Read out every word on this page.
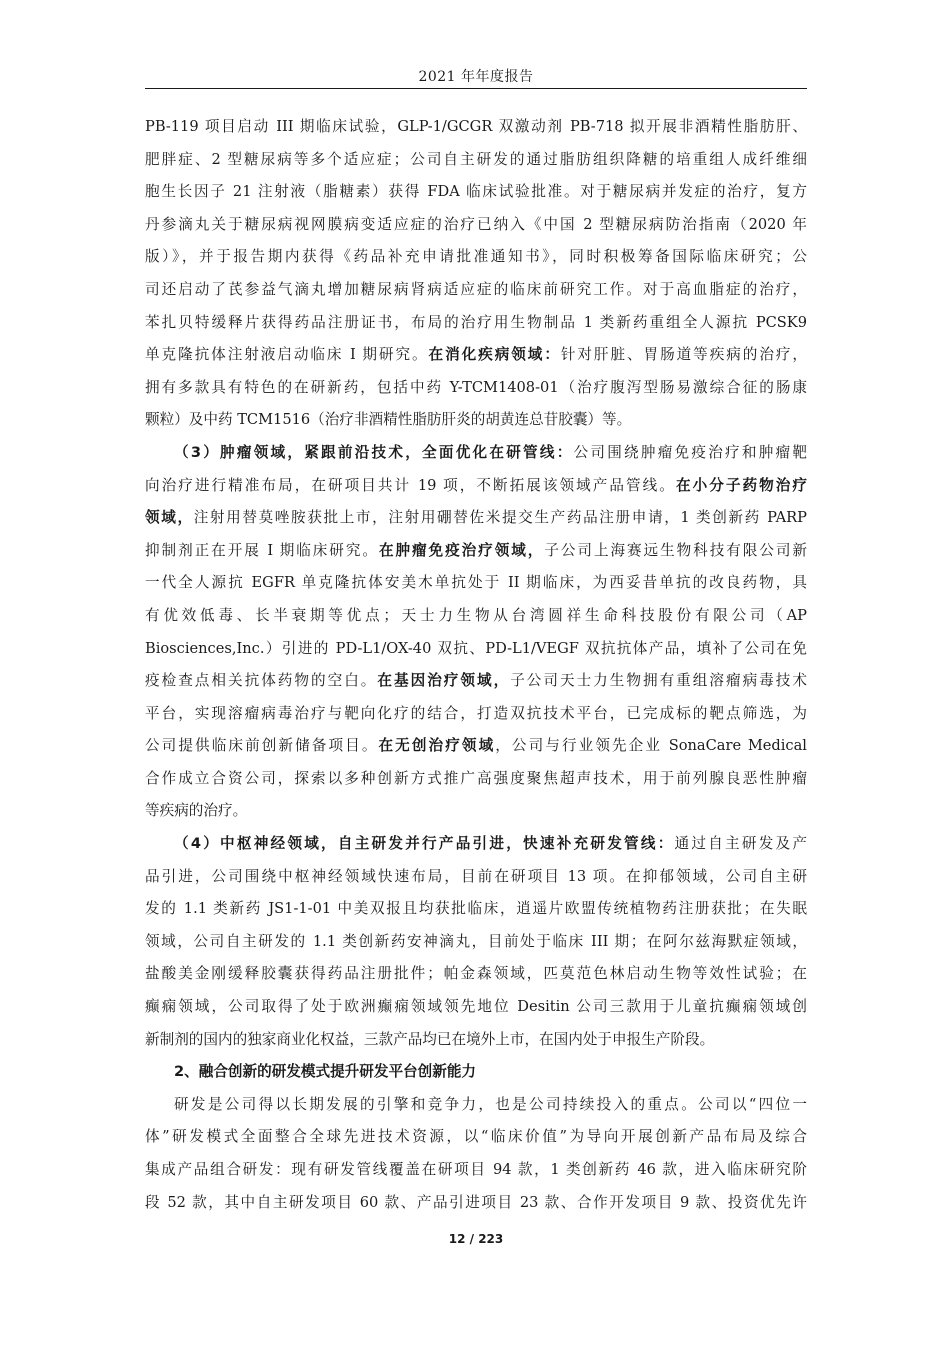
2021 年年度报告
PB-119 项目启动 III 期临床试验，GLP-1/GCGR 双激动剂 PB-718 拟开展非酒精性脂肪肝、
肥胖症、2 型糖尿病等多个适应症；公司自主研发的通过脂肪组织降糖的培重组人成纤维细
胞生长因子 21 注射液（脂糖素）获得 FDA 临床试验批准。对于糖尿病并发症的治疗，复方
丹参滴丸关于糖尿病视网膜病变适应症的治疗已纳入《中国 2 型糖尿病防治指南（2020 年
版）》，并于报告期内获得《药品补充申请批准通知书》，同时积极筹备国际临床研究；公
司还启动了芪参益气滴丸增加糖尿病肾病适应症的临床前研究工作。对于高血脂症的治疗，
苯扎贝特缓释片获得药品注册证书，布局的治疗用生物制品 1 类新药重组全人源抗 PCSK9
单克隆抗体注射液启动临床 I 期研究。在消化疾病领域：针对肝脏、胃肠道等疾病的治疗，
拥有多款具有特色的在研新药，包括中药 Y-TCM1408-01（治疗腹泻型肠易激综合征的肠康
颗粒）及中药 TCM1516（治疗非酒精性脂肪肝炎的胡黄连总苷胶囊）等。
（3）肿瘤领域，紧跟前沿技术，全面优化在研管线：公司围绕肿瘤免疫治疗和肿瘤靶
向治疗进行精准布局，在研项目共计 19 项，不断拓展该领域产品管线。在小分子药物治疗
领域，注射用替莫唑胺获批上市，注射用硼替佐米提交生产药品注册申请，1 类创新药 PARP
抑制剂正在开展 I 期临床研究。在肿瘤免疫治疗领域，子公司上海赛远生物科技有限公司新
一代全人源抗 EGFR 单克隆抗体安美木单抗处于 II 期临床，为西妥昔单抗的改良药物，具
有优效低毒、长半衰期等优点；天士力生物从台湾圆祥生命科技股份有限公司（AP
Biosciences,Inc.）引进的 PD-L1/OX-40 双抗、PD-L1/VEGF 双抗抗体产品，填补了公司在免
疫检查点相关抗体药物的空白。在基因治疗领域，子公司天士力生物拥有重组溶瘤病毒技术
平台，实现溶瘤病毒治疗与靶向化疗的结合，打造双抗技术平台，已完成标的靶点筛选，为
公司提供临床前创新储备项目。在无创治疗领域，公司与行业领先企业 SonaCare Medical
合作成立合资公司，探索以多种创新方式推广高强度聚焦超声技术，用于前列腺良恶性肿瘤
等疾病的治疗。
（4）中枢神经领域，自主研发并行产品引进，快速补充研发管线：通过自主研发及产
品引进，公司围绕中枢神经领域快速布局，目前在研项目 13 项。在抑郁领域，公司自主研
发的 1.1 类新药 JS1-1-01 中美双报且均获批临床，逍遥片欧盟传统植物药注册获批；在失眠
领域，公司自主研发的 1.1 类创新药安神滴丸，目前处于临床 III 期；在阿尔兹海默症领域，
盐酸美金刚缓释胶囊获得药品注册批件；帕金森领域，匹莫范色林启动生物等效性试验；在
癫痫领域，公司取得了处于欧洲癫痫领域领先地位 Desitin 公司三款用于儿童抗癫痫领域创
新制剂的国内的独家商业化权益，三款产品均已在境外上市，在国内处于申报生产阶段。
2、融合创新的研发模式提升研发平台创新能力
研发是公司得以长期发展的引擎和竞争力，也是公司持续投入的重点。公司以“四位一
体”研发模式全面整合全球先进技术资源，以“临床价值”为导向开展创新产品布局及综合
集成产品组合研发：现有研发管线覆盖在研项目 94 款，1 类创新药 46 款，进入临床研究阶
段 52 款，其中自主研发项目 60 款、产品引进项目 23 款、合作开发项目 9 款、投资优先许
12 / 223
